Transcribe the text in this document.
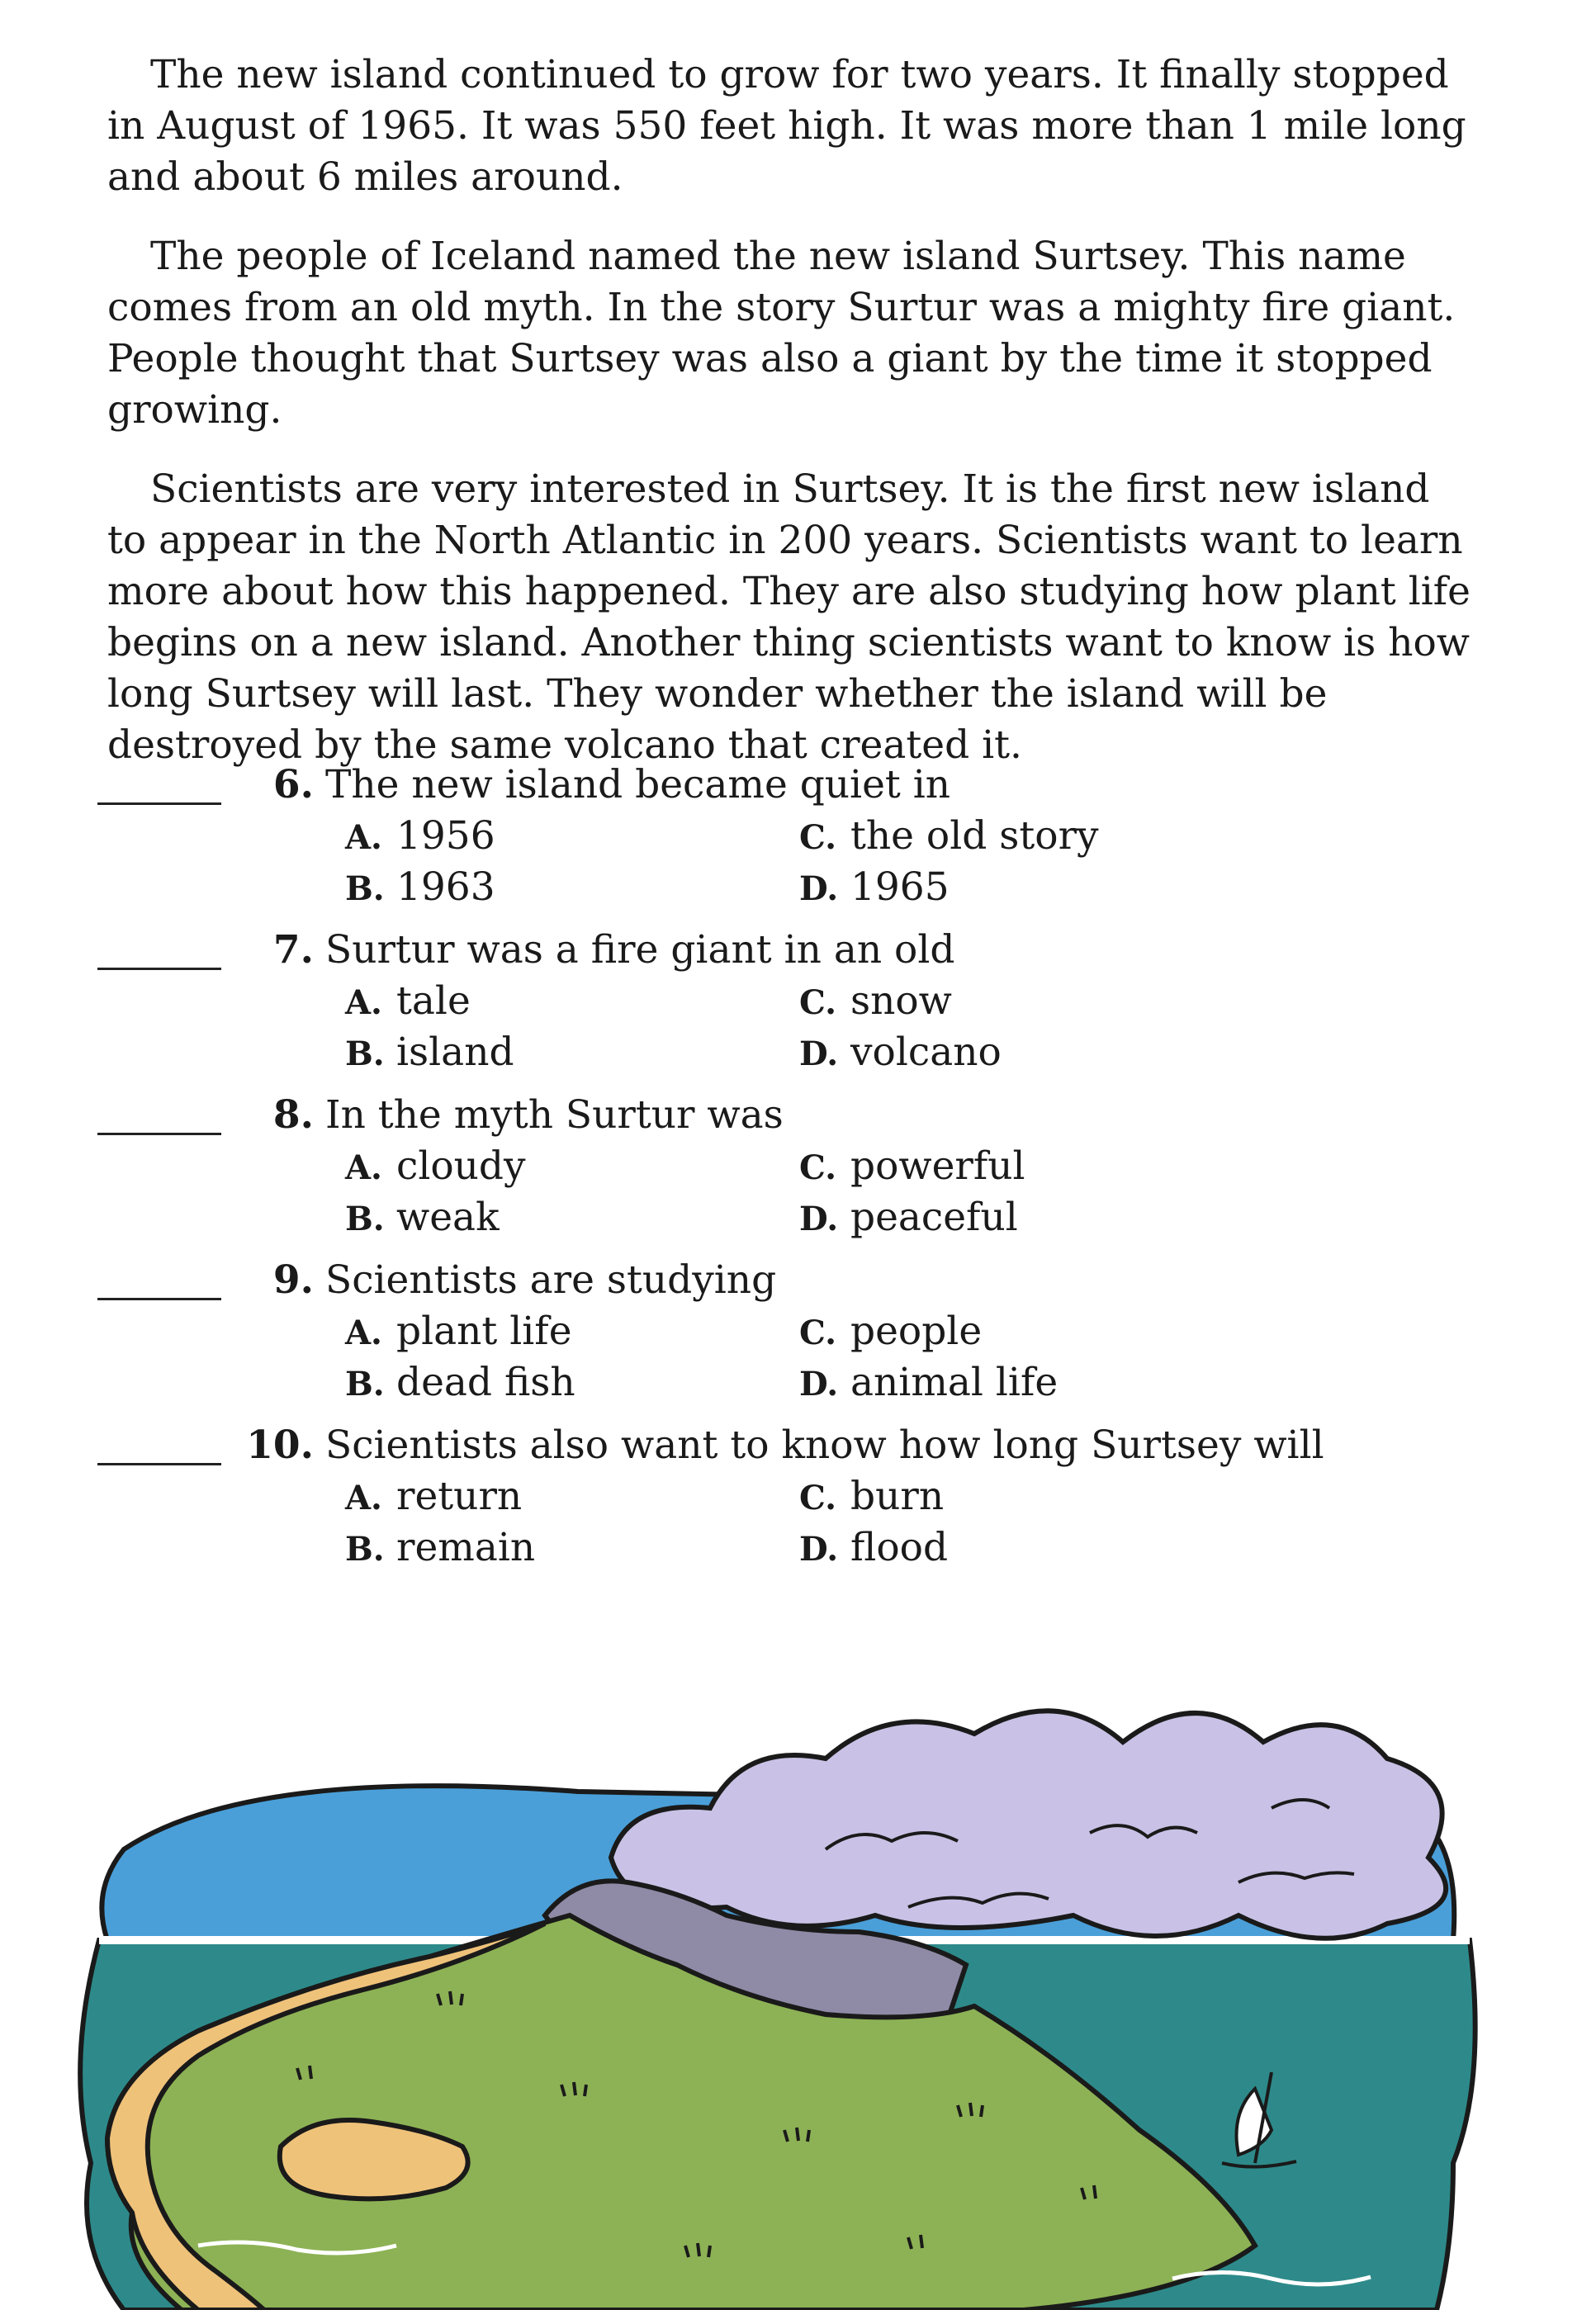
The new island continued to grow for two years. It finally stopped in August of 1965. It was 550 feet high. It was more than 1 mile long and about 6 miles around.

The people of Iceland named the new island Surtsey. This name comes from an old myth. In the story Surtur was a mighty fire giant. People thought that Surtsey was also a giant by the time it stopped growing.

Scientists are very interested in Surtsey. It is the first new island to appear in the North Atlantic in 200 years. Scientists want to learn more about how this happened. They are also studying how plant life begins on a new island. Another thing scientists want to know is how long Surtsey will last. They wonder whether the island will be destroyed by the same volcano that created it.

6. The new island became quiet in
A. 1956	C. the old story
B. 1963	D. 1965
7. Surtur was a fire giant in an old
A. tale	C. snow
B. island	D. volcano
8. In the myth Surtur was
A. cloudy	C. powerful
B. weak	D. peaceful
9. Scientists are studying
A. plant life	C. people
B. dead fish	D. animal life
10. Scientists also want to know how long Surtsey will
A. return	C. burn
B. remain	D. flood
